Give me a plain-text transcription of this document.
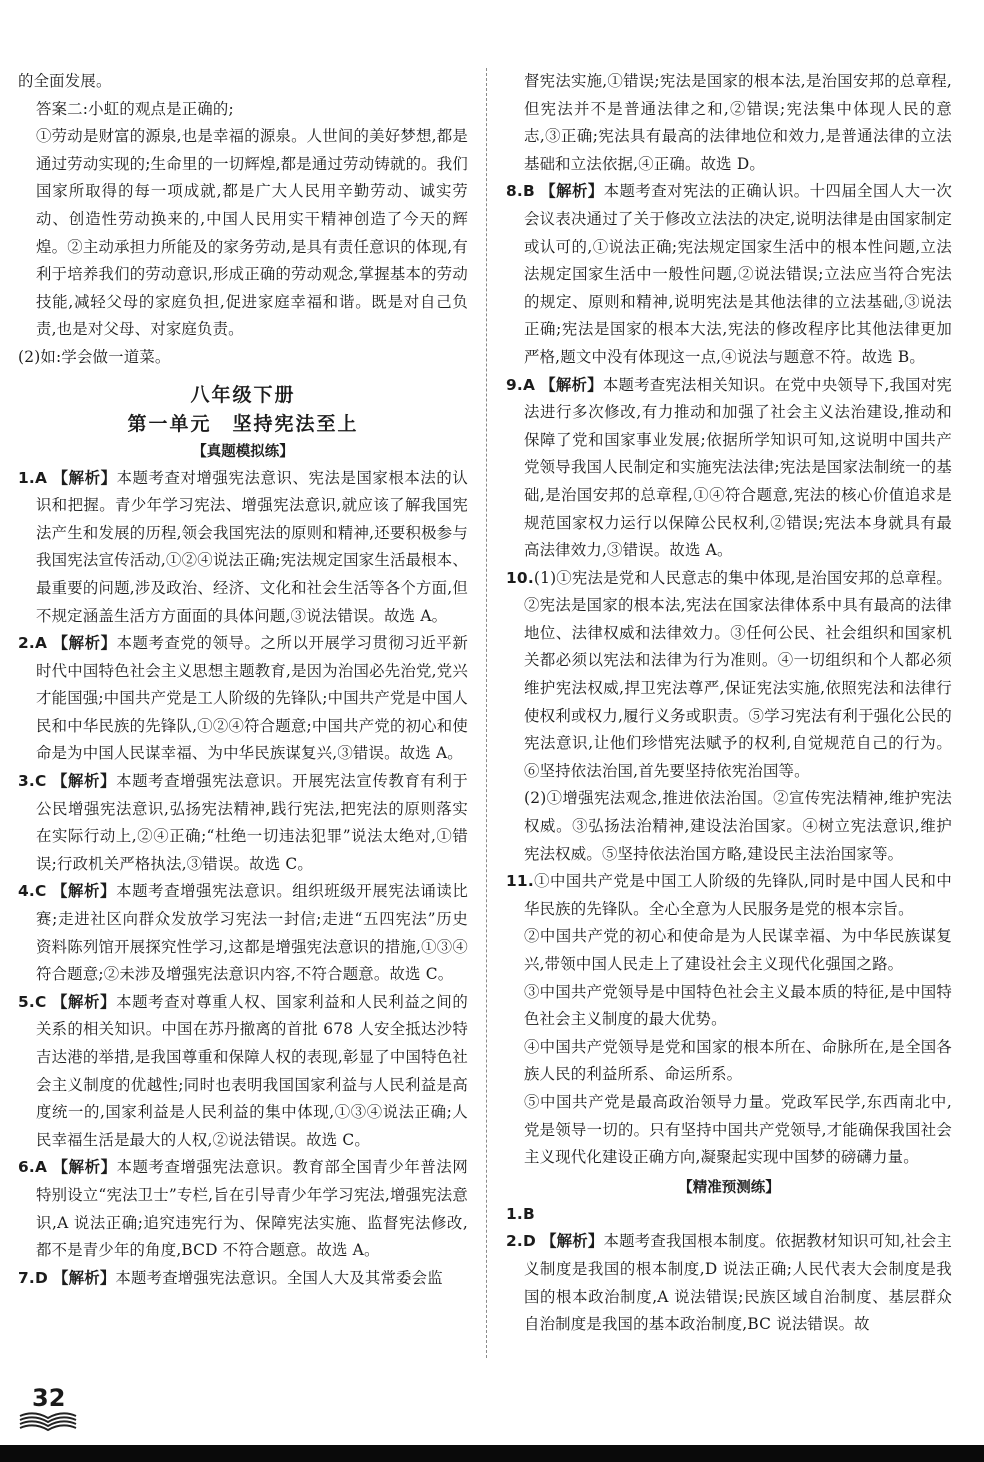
的全面发展。

答案二:小虹的观点是正确的;

①劳动是财富的源泉,也是幸福的源泉。人世间的美好梦想,都是通过劳动实现的;生命里的一切辉煌,都是通过劳动铸就的。我们国家所取得的每一项成就,都是广大人民用辛勤劳动、诚实劳动、创造性劳动换来的,中国人民用实干精神创造了今天的辉煌。②主动承担力所能及的家务劳动,是具有责任意识的体现,有利于培养我们的劳动意识,形成正确的劳动观念,掌握基本的劳动技能,减轻父母的家庭负担,促进家庭幸福和谐。既是对自己负责,也是对父母、对家庭负责。

(2)如:学会做一道菜。

八年级下册
第一单元　坚持宪法至上
【真题模拟练】

1.A 【解析】本题考查对增强宪法意识、宪法是国家根本法的认识和把握。青少年学习宪法、增强宪法意识,就应该了解我国宪法产生和发展的历程,领会我国宪法的原则和精神,还要积极参与我国宪法宣传活动,①②④说法正确;宪法规定国家生活最根本、最重要的问题,涉及政治、经济、文化和社会生活等各个方面,但不规定涵盖生活方方面面的具体问题,③说法错误。故选 A。

2.A 【解析】本题考查党的领导。之所以开展学习贯彻习近平新时代中国特色社会主义思想主题教育,是因为治国必先治党,党兴才能国强;中国共产党是工人阶级的先锋队;中国共产党是中国人民和中华民族的先锋队,①②④符合题意;中国共产党的初心和使命是为中国人民谋幸福、为中华民族谋复兴,③错误。故选 A。

3.C 【解析】本题考查增强宪法意识。开展宪法宣传教育有利于公民增强宪法意识,弘扬宪法精神,践行宪法,把宪法的原则落实在实际行动上,②④正确;“杜绝一切违法犯罪”说法太绝对,①错误;行政机关严格执法,③错误。故选 C。

4.C 【解析】本题考查增强宪法意识。组织班级开展宪法诵读比赛;走进社区向群众发放学习宪法一封信;走进“五四宪法”历史资料陈列馆开展探究性学习,这都是增强宪法意识的措施,①③④符合题意;②未涉及增强宪法意识内容,不符合题意。故选 C。

5.C 【解析】本题考查对尊重人权、国家利益和人民利益之间的关系的相关知识。中国在苏丹撤离的首批 678 人安全抵达沙特吉达港的举措,是我国尊重和保障人权的表现,彰显了中国特色社会主义制度的优越性;同时也表明我国国家利益与人民利益是高度统一的,国家利益是人民利益的集中体现,①③④说法正确;人民幸福生活是最大的人权,②说法错误。故选 C。

6.A 【解析】本题考查增强宪法意识。教育部全国青少年普法网特别设立“宪法卫士”专栏,旨在引导青少年学习宪法,增强宪法意识,A 说法正确;追究违宪行为、保障宪法实施、监督宪法修改,都不是青少年的角度,BCD 不符合题意。故选 A。

7.D 【解析】本题考查增强宪法意识。全国人大及其常委会监

督宪法实施,①错误;宪法是国家的根本法,是治国安邦的总章程,但宪法并不是普通法律之和,②错误;宪法集中体现人民的意志,③正确;宪法具有最高的法律地位和效力,是普通法律的立法基础和立法依据,④正确。故选 D。

8.B 【解析】本题考查对宪法的正确认识。十四届全国人大一次会议表决通过了关于修改立法法的决定,说明法律是由国家制定或认可的,①说法正确;宪法规定国家生活中的根本性问题,立法法规定国家生活中一般性问题,②说法错误;立法应当符合宪法的规定、原则和精神,说明宪法是其他法律的立法基础,③说法正确;宪法是国家的根本大法,宪法的修改程序比其他法律更加严格,题文中没有体现这一点,④说法与题意不符。故选 B。

9.A 【解析】本题考查宪法相关知识。在党中央领导下,我国对宪法进行多次修改,有力推动和加强了社会主义法治建设,推动和保障了党和国家事业发展;依据所学知识可知,这说明中国共产党领导我国人民制定和实施宪法法律;宪法是国家法制统一的基础,是治国安邦的总章程,①④符合题意,宪法的核心价值追求是规范国家权力运行以保障公民权利,②错误;宪法本身就具有最高法律效力,③错误。故选 A。

10.(1)①宪法是党和人民意志的集中体现,是治国安邦的总章程。②宪法是国家的根本法,宪法在国家法律体系中具有最高的法律地位、法律权威和法律效力。③任何公民、社会组织和国家机关都必须以宪法和法律为行为准则。④一切组织和个人都必须维护宪法权威,捍卫宪法尊严,保证宪法实施,依照宪法和法律行使权利或权力,履行义务或职责。⑤学习宪法有利于强化公民的宪法意识,让他们珍惜宪法赋予的权利,自觉规范自己的行为。⑥坚持依法治国,首先要坚持依宪治国等。

(2)①增强宪法观念,推进依法治国。②宣传宪法精神,维护宪法权威。③弘扬法治精神,建设法治国家。④树立宪法意识,维护宪法权威。⑤坚持依法治国方略,建设民主法治国家等。

11.①中国共产党是中国工人阶级的先锋队,同时是中国人民和中华民族的先锋队。全心全意为人民服务是党的根本宗旨。

②中国共产党的初心和使命是为人民谋幸福、为中华民族谋复兴,带领中国人民走上了建设社会主义现代化强国之路。

③中国共产党领导是中国特色社会主义最本质的特征,是中国特色社会主义制度的最大优势。

④中国共产党领导是党和国家的根本所在、命脉所在,是全国各族人民的利益所系、命运所系。

⑤中国共产党是最高政治领导力量。党政军民学,东西南北中,党是领导一切的。只有坚持中国共产党领导,才能确保我国社会主义现代化建设正确方向,凝聚起实现中国梦的磅礴力量。

【精准预测练】

1.B

2.D 【解析】本题考查我国根本制度。依据教材知识可知,社会主义制度是我国的根本制度,D 说法正确;人民代表大会制度是我国的根本政治制度,A 说法错误;民族区域自治制度、基层群众自治制度是我国的基本政治制度,BC 说法错误。故

32
